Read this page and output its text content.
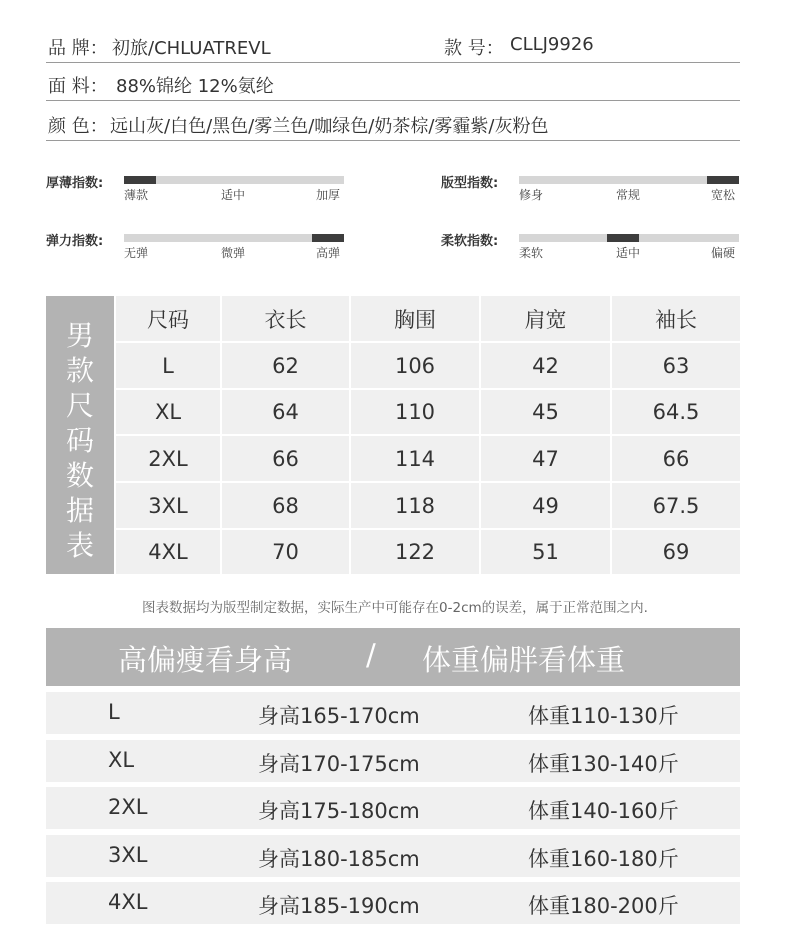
品 牌： 初旅/CHLUATREVL	款 号： CLLJ9926
面 料： 88%锦纶 12%氨纶
颜 色： 远山灰/白色/黑色/雾兰色/咖绿色/奶茶棕/雾霾紫/灰粉色
厚薄指数:
薄款	适中	加厚
版型指数:
修身	常规	宽松
弹力指数:
无弹	微弹	高弹
柔软指数:
柔软	适中	偏硬
男
款
尺
码
数
据
表
尺码	衣长	胸围	肩宽	袖长
L	62	106	42	63
XL	64	110	45	64.5
2XL	66	114	47	66
3XL	68	118	49	67.5
4XL	70	122	51	69
图表数据均为版型制定数据，实际生产中可能存在0-2cm的误差，属于正常范围之内.
高偏瘦看身高	/ 体重偏胖看体重
L	身高165-170cm	体重110-130斤
XL	身高170-175cm	体重130-140斤
2XL	身高175-180cm	体重140-160斤
3XL	身高180-185cm	体重160-180斤
4XL	身高185-190cm	体重180-200斤
